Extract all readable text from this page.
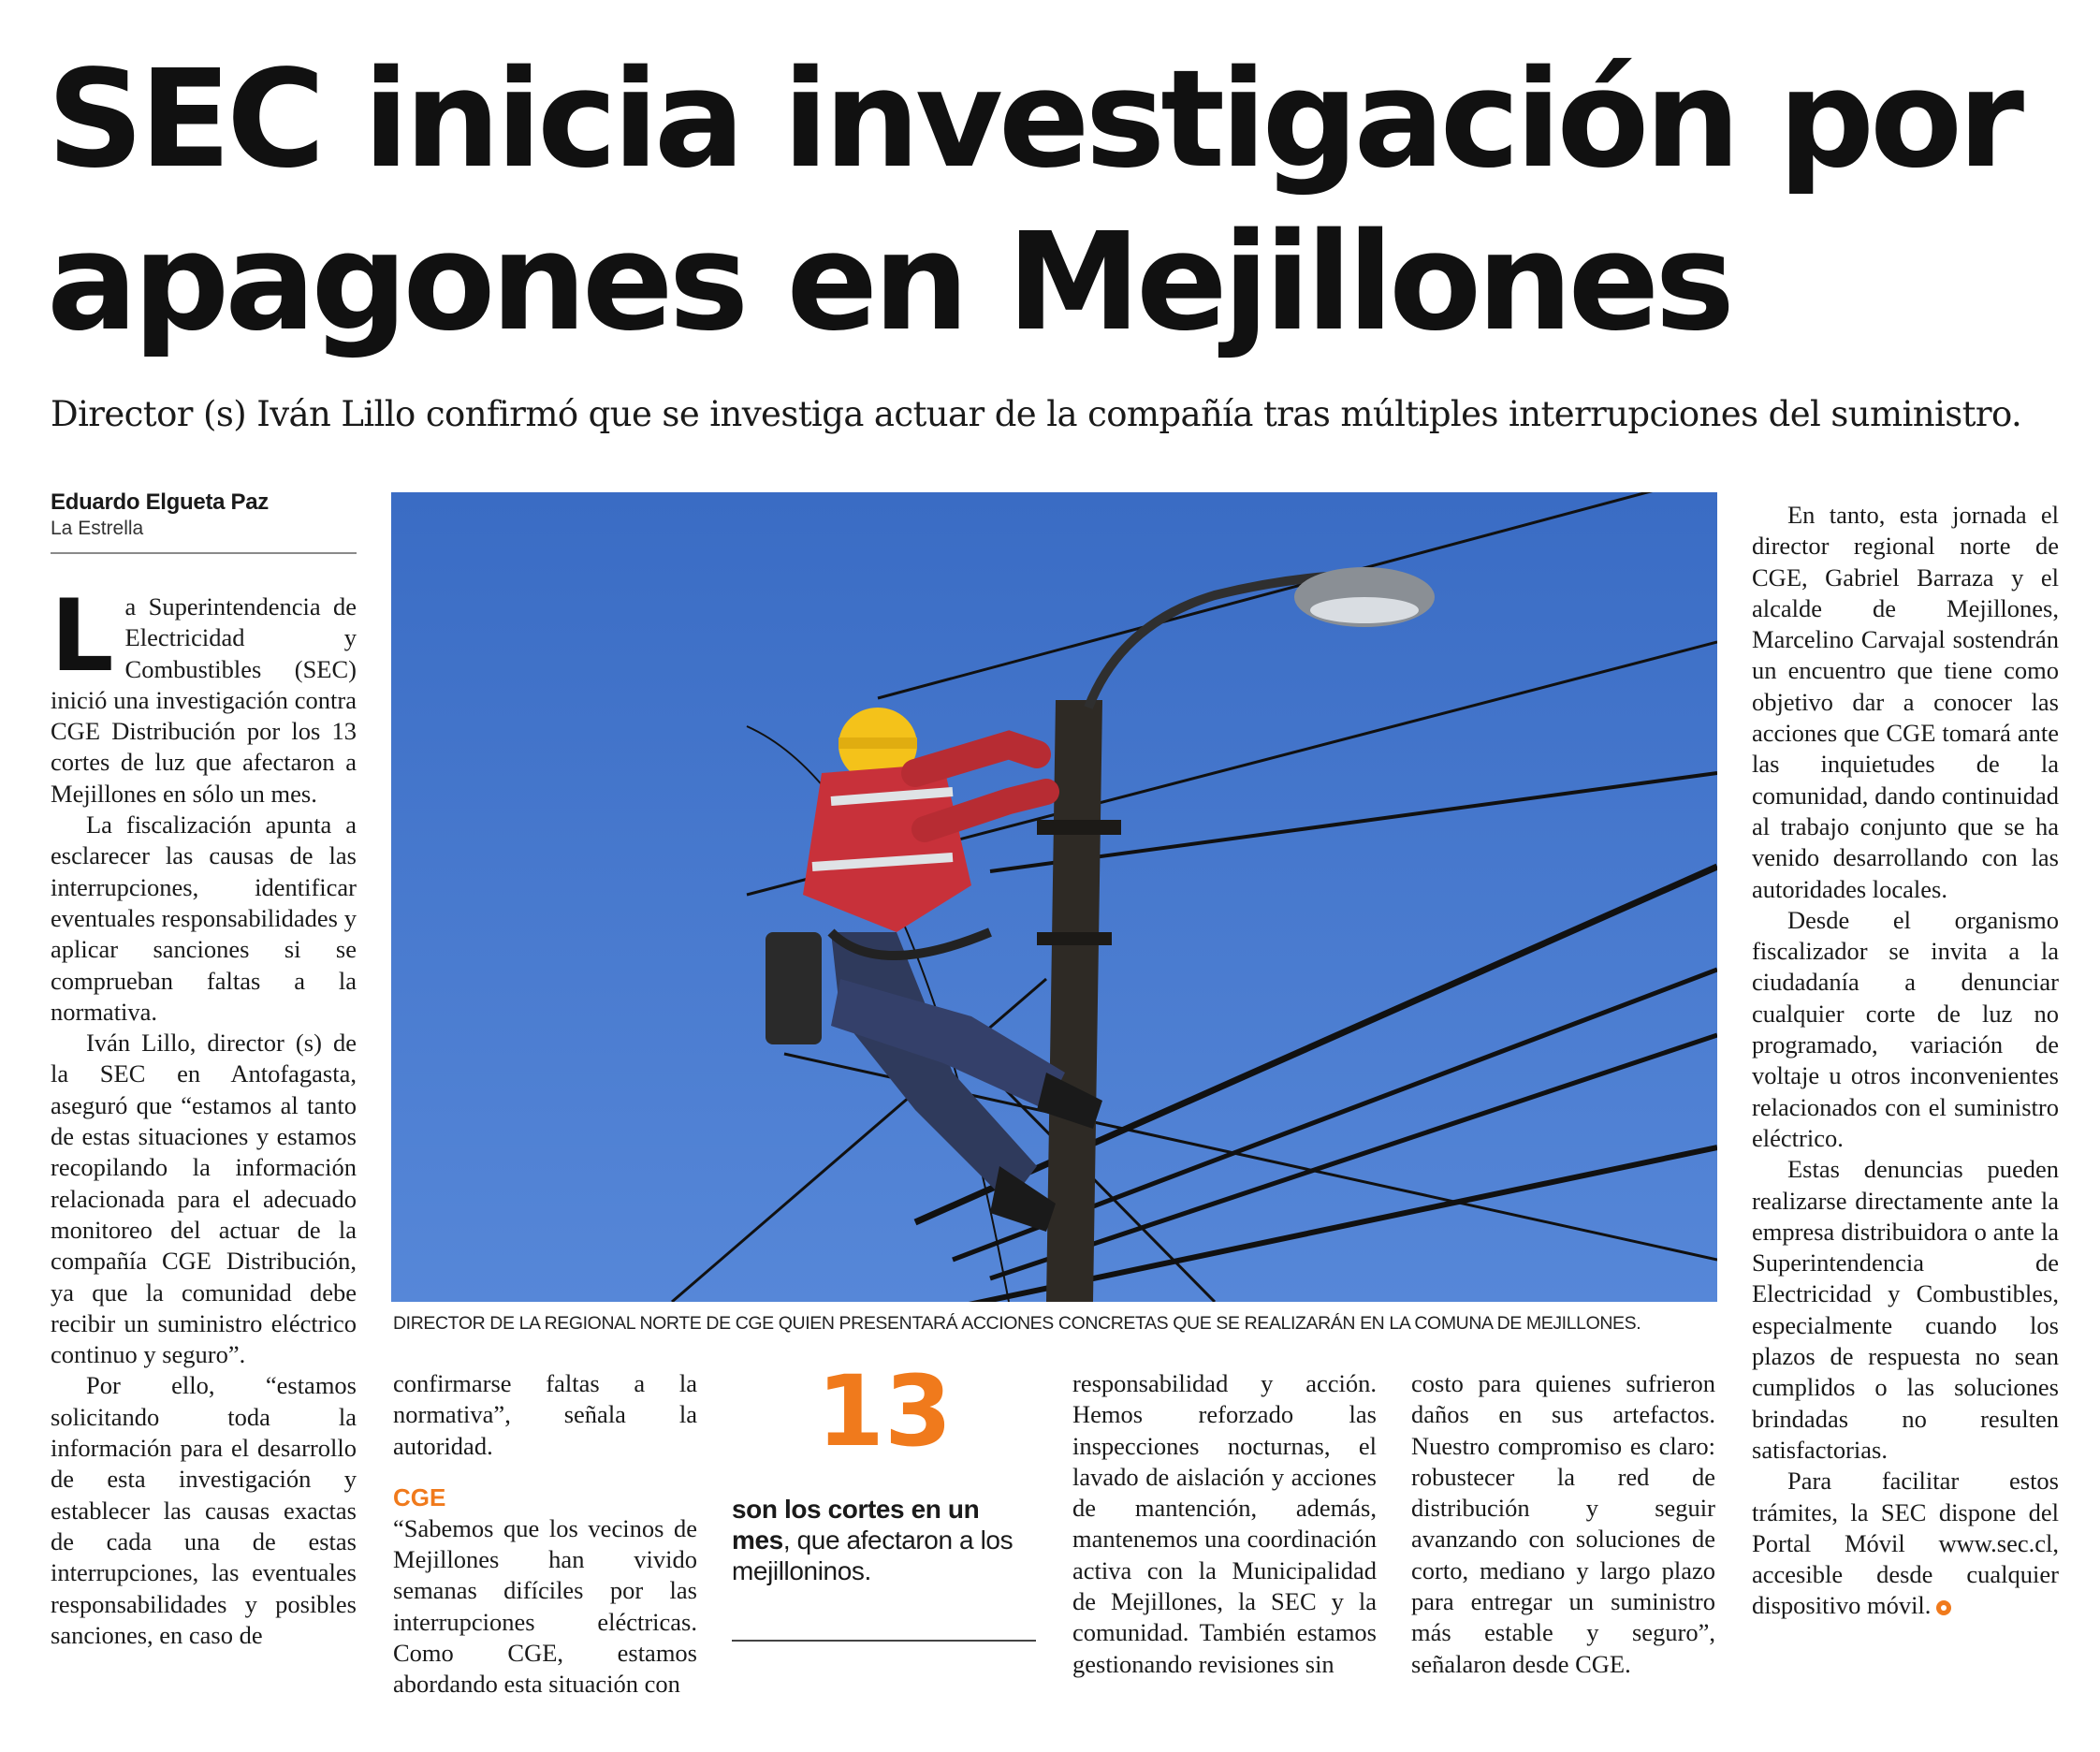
SEC inicia investigación por
apagones en Mejillones

Director (s) Iván Lillo confirmó que se investiga actuar de la compañía tras múltiples interrupciones del suministro.

Eduardo Elgueta Paz
La Estrella

La Superintendencia de Electricidad y Combustibles (SEC) inició una investigación contra CGE Distribución por los 13 cortes de luz que afectaron a Mejillones en sólo un mes.

La fiscalización apunta a esclarecer las causas de las interrupciones, identificar eventuales responsabilidades y aplicar sanciones si se comprueban faltas a la normativa.

Iván Lillo, director (s) de la SEC en Antofagasta, aseguró que “estamos al tanto de estas situaciones y estamos recopilando la información relacionada para el adecuado monitoreo del actuar de la compañía CGE Distribución, ya que la comunidad debe recibir un suministro eléctrico continuo y seguro”.

Por ello, “estamos solicitando toda la información para el desarrollo de esta investigación y establecer las causas exactas de cada una de estas interrupciones, las eventuales responsabilidades y posibles sanciones, en caso de

DIRECTOR DE LA REGIONAL NORTE DE CGE QUIEN PRESENTARÁ ACCIONES CONCRETAS QUE SE REALIZARÁN EN LA COMUNA DE MEJILLONES.

confirmarse faltas a la normativa”, señala la autoridad.

CGE

“Sabemos que los vecinos de Mejillones han vivido semanas difíciles por las interrupciones eléctricas. Como CGE, estamos abordando esta situación con

13
son los cortes en un mes, que afectaron a los mejilloninos.

responsabilidad y acción. Hemos reforzado las inspecciones nocturnas, el lavado de aislación y acciones de mantención, además, mantenemos una coordinación activa con la Municipalidad de Mejillones, la SEC y la comunidad. También estamos gestionando revisiones sin

costo para quienes sufrieron daños en sus artefactos. Nuestro compromiso es claro: robustecer la red de distribución y seguir avanzando con soluciones de corto, mediano y largo plazo para entregar un suministro más estable y seguro”, señalaron desde CGE.

En tanto, esta jornada el director regional norte de CGE, Gabriel Barraza y el alcalde de Mejillones, Marcelino Carvajal sostendrán un encuentro que tiene como objetivo dar a conocer las acciones que CGE tomará ante las inquietudes de la comunidad, dando continuidad al trabajo conjunto que se ha venido desarrollando con las autoridades locales.

Desde el organismo fiscalizador se invita a la ciudadanía a denunciar cualquier corte de luz no programado, variación de voltaje u otros inconvenientes relacionados con el suministro eléctrico.

Estas denuncias pueden realizarse directamente ante la empresa distribuidora o ante la Superintendencia de Electricidad y Combustibles, especialmente cuando los plazos de respuesta no sean cumplidos o las soluciones brindadas no resulten satisfactorias.

Para facilitar estos trámites, la SEC dispone del Portal Móvil www.sec.cl, accesible desde cualquier dispositivo móvil.
